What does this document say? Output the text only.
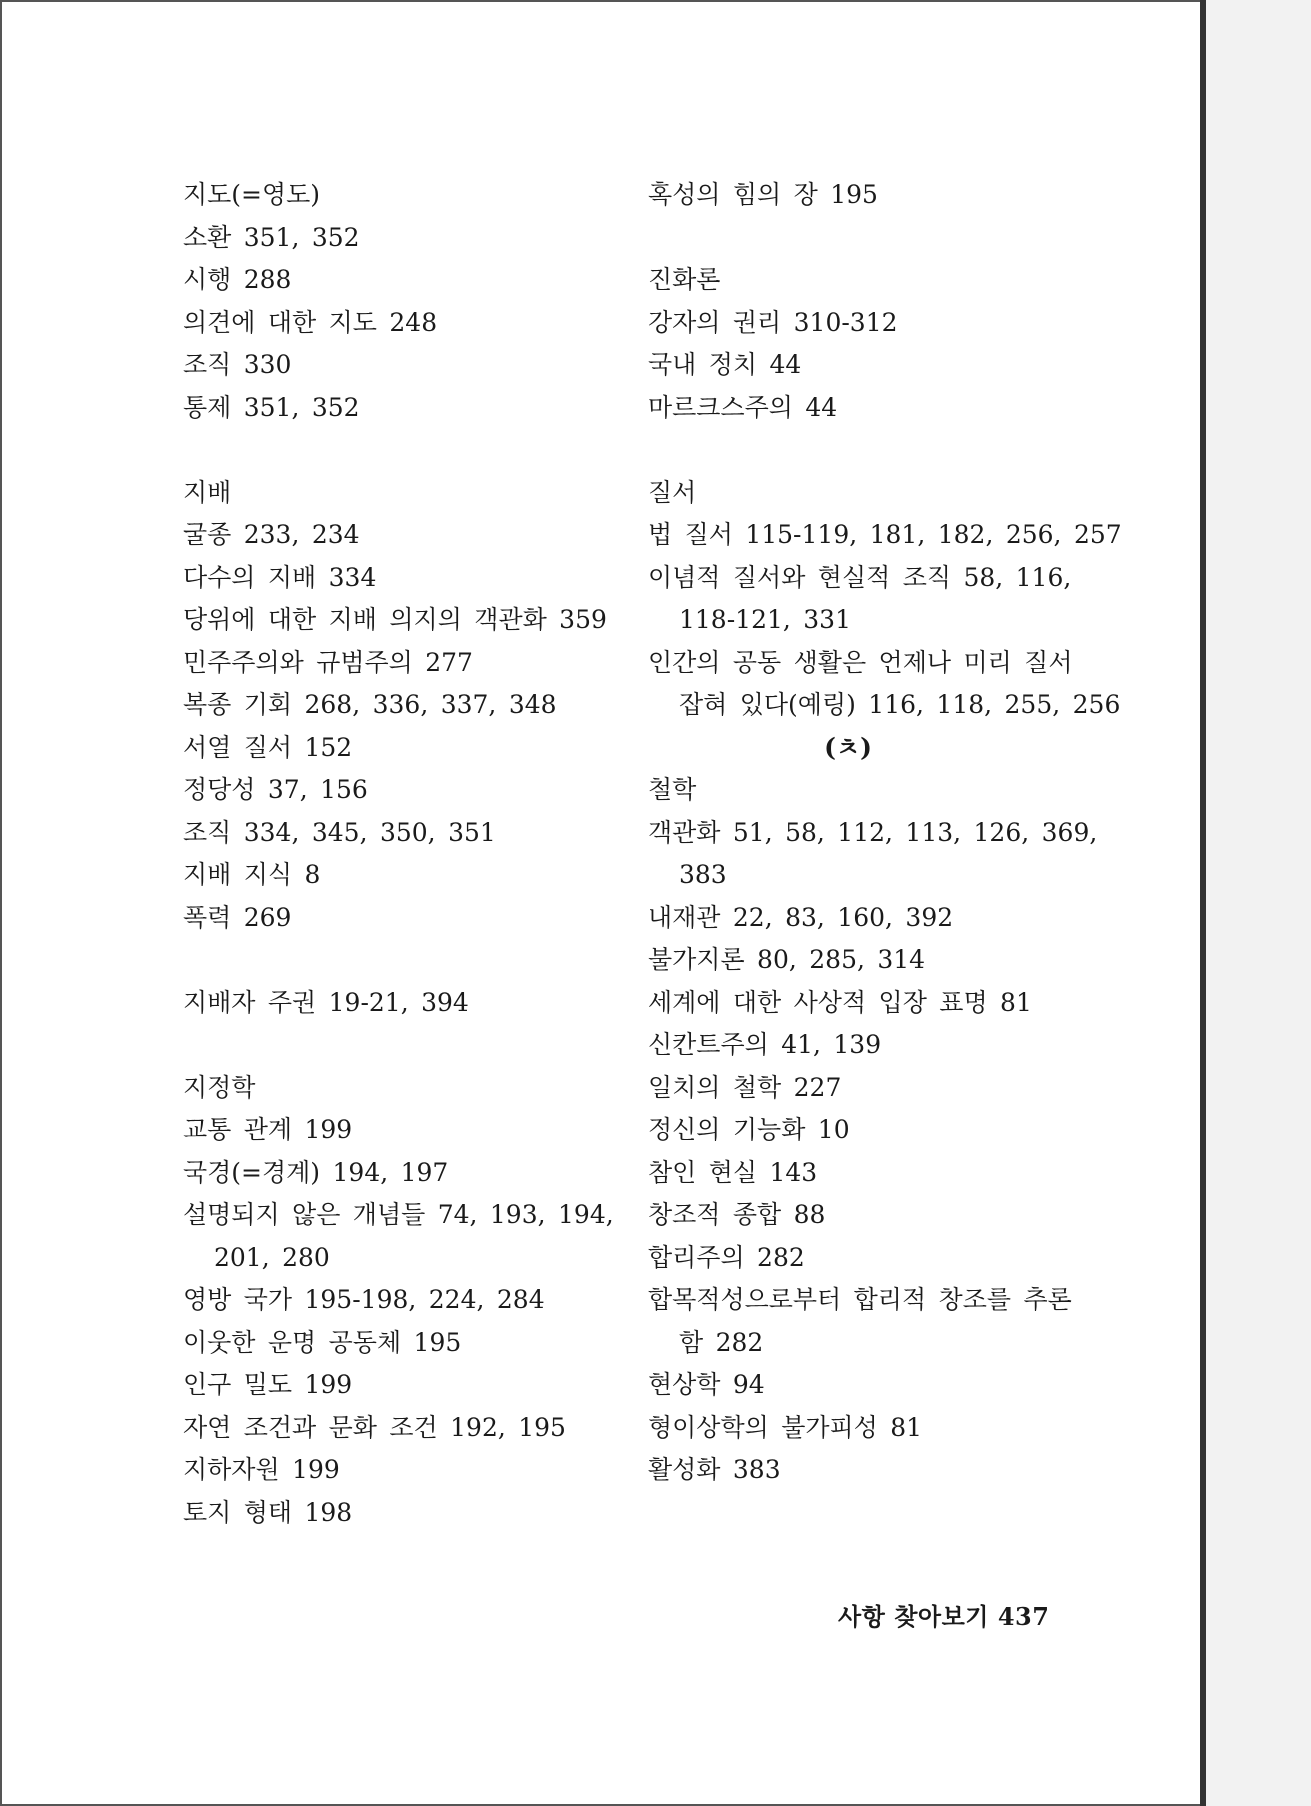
지도(=영도)
소환 351, 352
시행 288
의견에 대한 지도 248
조직 330
통제 351, 352
지배
굴종 233, 234
다수의 지배 334
당위에 대한 지배 의지의 객관화 359
민주주의와 규범주의 277
복종 기회 268, 336, 337, 348
서열 질서 152
정당성 37, 156
조직 334, 345, 350, 351
지배 지식 8
폭력 269
지배자 주권 19-21, 394
지정학
교통 관계 199
국경(=경계) 194, 197
설명되지 않은 개념들 74, 193, 194,
201, 280
영방 국가 195-198, 224, 284
이웃한 운명 공동체 195
인구 밀도 199
자연 조건과 문화 조건 192, 195
지하자원 199
토지 형태 198
혹성의 힘의 장 195
진화론
강자의 권리 310-312
국내 정치 44
마르크스주의 44
질서
법 질서 115-119, 181, 182, 256, 257
이념적 질서와 현실적 조직 58, 116,
118-121, 331
인간의 공동 생활은 언제나 미리 질서
잡혀 있다(예링) 116, 118, 255, 256
(ㅊ)
철학
객관화 51, 58, 112, 113, 126, 369,
383
내재관 22, 83, 160, 392
불가지론 80, 285, 314
세계에 대한 사상적 입장 표명 81
신칸트주의 41, 139
일치의 철학 227
정신의 기능화 10
참인 현실 143
창조적 종합 88
합리주의 282
합목적성으로부터 합리적 창조를 추론
함 282
현상학 94
형이상학의 불가피성 81
활성화 383
사항 찾아보기 437
